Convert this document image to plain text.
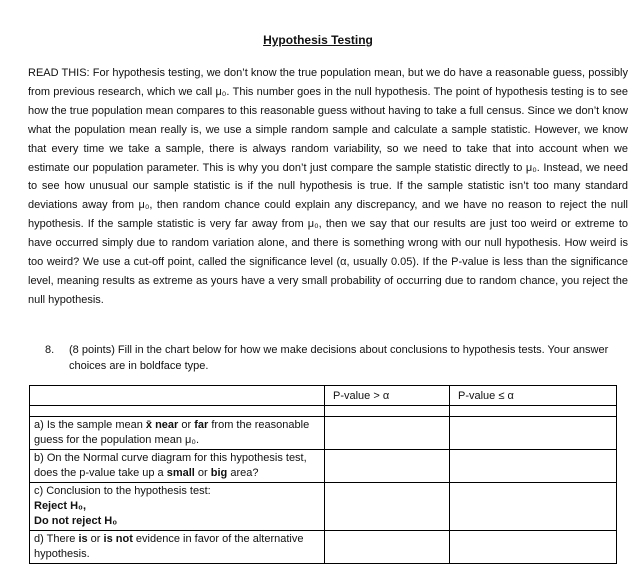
Hypothesis Testing
READ THIS: For hypothesis testing, we don’t know the true population mean, but we do have a reasonable guess, possibly from previous research, which we call μ₀. This number goes in the null hypothesis. The point of hypothesis testing is to see how the true population mean compares to this reasonable guess without having to take a full census. Since we don’t know what the population mean really is, we use a simple random sample and calculate a sample statistic. However, we know that every time we take a sample, there is always random variability, so we need to take that into account when we estimate our population parameter. This is why you don’t just compare the sample statistic directly to μ₀. Instead, we need to see how unusual our sample statistic is if the null hypothesis is true. If the sample statistic isn’t too many standard deviations away from μ₀, then random chance could explain any discrepancy, and we have no reason to reject the null hypothesis. If the sample statistic is very far away from μ₀, then we say that our results are just too weird or extreme to have occurred simply due to random variation alone, and there is something wrong with our null hypothesis. How weird is too weird? We use a cut-off point, called the significance level (α, usually 0.05). If the P-value is less than the significance level, meaning results as extreme as yours have a very small probability of occurring due to random chance, you reject the null hypothesis.
8. (8 points) Fill in the chart below for how we make decisions about conclusions to hypothesis tests. Your answer choices are in boldface type.
	P-value > α	P-value ≤ α

a) Is the sample mean x̄ near or far from the reasonable guess for the population mean μ₀.		
b) On the Normal curve diagram for this hypothesis test, does the p-value take up a small or big area?		

c) Conclusion to the hypothesis test:
Reject H₀,
Do not reject H₀		

d) There is or is not evidence in favor of the alternative hypothesis.		
